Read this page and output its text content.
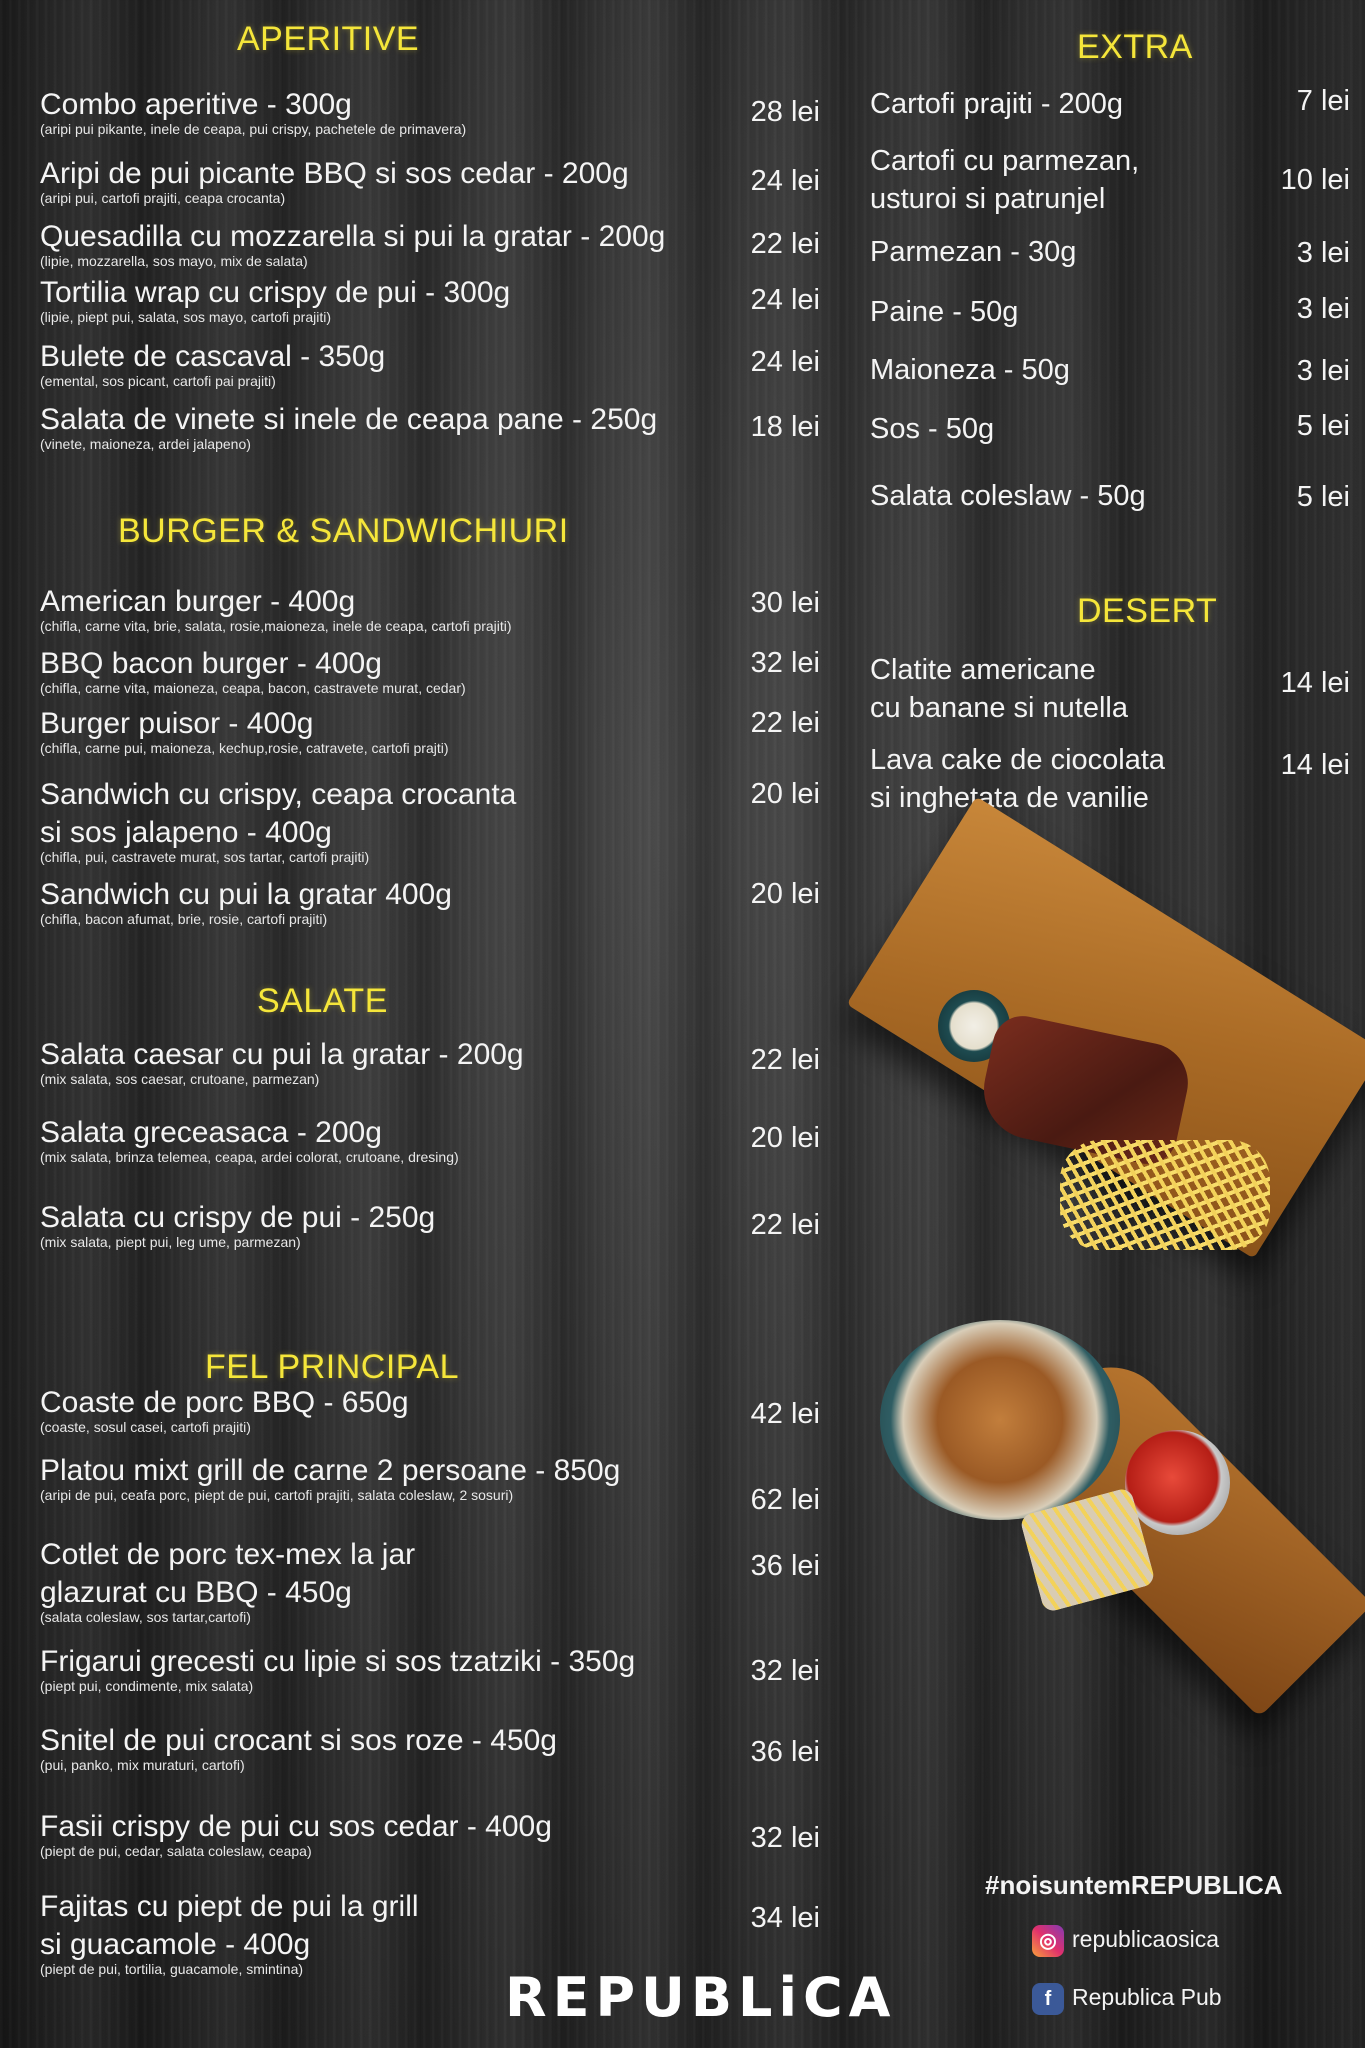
APERITIVE
Combo aperitive - 300g
(aripi pui pikante, inele de ceapa, pui crispy, pachetele de primavera)
28 lei
Aripi de pui picante BBQ si sos cedar - 200g
(aripi pui, cartofi prajiti, ceapa crocanta)
24 lei
Quesadilla cu mozzarella si pui la gratar - 200g
(lipie, mozzarella, sos mayo, mix de salata)
22 lei
Tortilia wrap cu crispy de pui - 300g
(lipie, piept pui, salata, sos mayo, cartofi prajiti)
24 lei
Bulete de cascaval - 350g
(emental, sos picant, cartofi pai prajiti)
24 lei
Salata de vinete si inele de ceapa pane - 250g
(vinete, maioneza, ardei jalapeno)
18 lei
BURGER & SANDWICHIURI
American burger - 400g
(chifla, carne vita, brie, salata, rosie,maioneza, inele de ceapa, cartofi prajiti)
30 lei
BBQ bacon burger - 400g
(chifla, carne vita, maioneza, ceapa, bacon, castravete murat, cedar)
32 lei
Burger puisor - 400g
(chifla, carne pui, maioneza, kechup,rosie, catravete, cartofi prajti)
22 lei
Sandwich cu crispy, ceapa crocanta
si sos jalapeno - 400g
(chifla, pui, castravete murat, sos tartar, cartofi prajiti)
20 lei
Sandwich cu pui la gratar 400g
(chifla, bacon afumat, brie, rosie, cartofi prajiti)
20 lei
SALATE
Salata caesar cu pui la gratar - 200g
(mix salata, sos caesar, crutoane, parmezan)
22 lei
Salata greceasaca - 200g
(mix salata, brinza telemea, ceapa, ardei colorat, crutoane, dresing)
20 lei
Salata cu crispy de pui - 250g
(mix salata, piept pui, leg ume, parmezan)
22 lei
FEL PRINCIPAL
Coaste de porc BBQ - 650g
(coaste, sosul casei, cartofi prajiti)	42 lei
Platou mixt grill de carne 2 persoane - 850g
(aripi de pui, ceafa porc, piept de pui, cartofi prajiti, salata coleslaw, 2 sosuri)	62 lei
Cotlet de porc tex-mex la jar
glazurat cu BBQ - 450g
(salata coleslaw, sos tartar,cartofi)
36 lei
Frigarui grecesti cu lipie si sos tzatziki - 350g
(piept pui, condimente, mix salata)	32 lei
Snitel de pui crocant si sos roze - 450g
(pui, panko, mix muraturi, cartofi)	36 lei
Fasii crispy de pui cu sos cedar - 400g
(piept de pui, cedar, salata coleslaw, ceapa)	32 lei
Fajitas cu piept de pui la grill
si guacamole - 400g
(piept de pui, tortilia, guacamole, smintina)
34 lei
EXTRA
Cartofi prajiti - 200g	7 lei
Cartofi cu parmezan,
usturoi si patrunjel
10 lei
Parmezan - 30g	3 lei
Paine - 50g	3 lei
Maioneza - 50g	3 lei
Sos - 50g	5 lei
Salata coleslaw - 50g	5 lei
DESERT
Clatite americane
cu banane si nutella
14 lei
Lava cake de ciocolata
si inghetata de vanilie
14 lei
#noisuntemREPUBLICA
◎ republicaosica
f Republica Pub
REPUBLiCA
